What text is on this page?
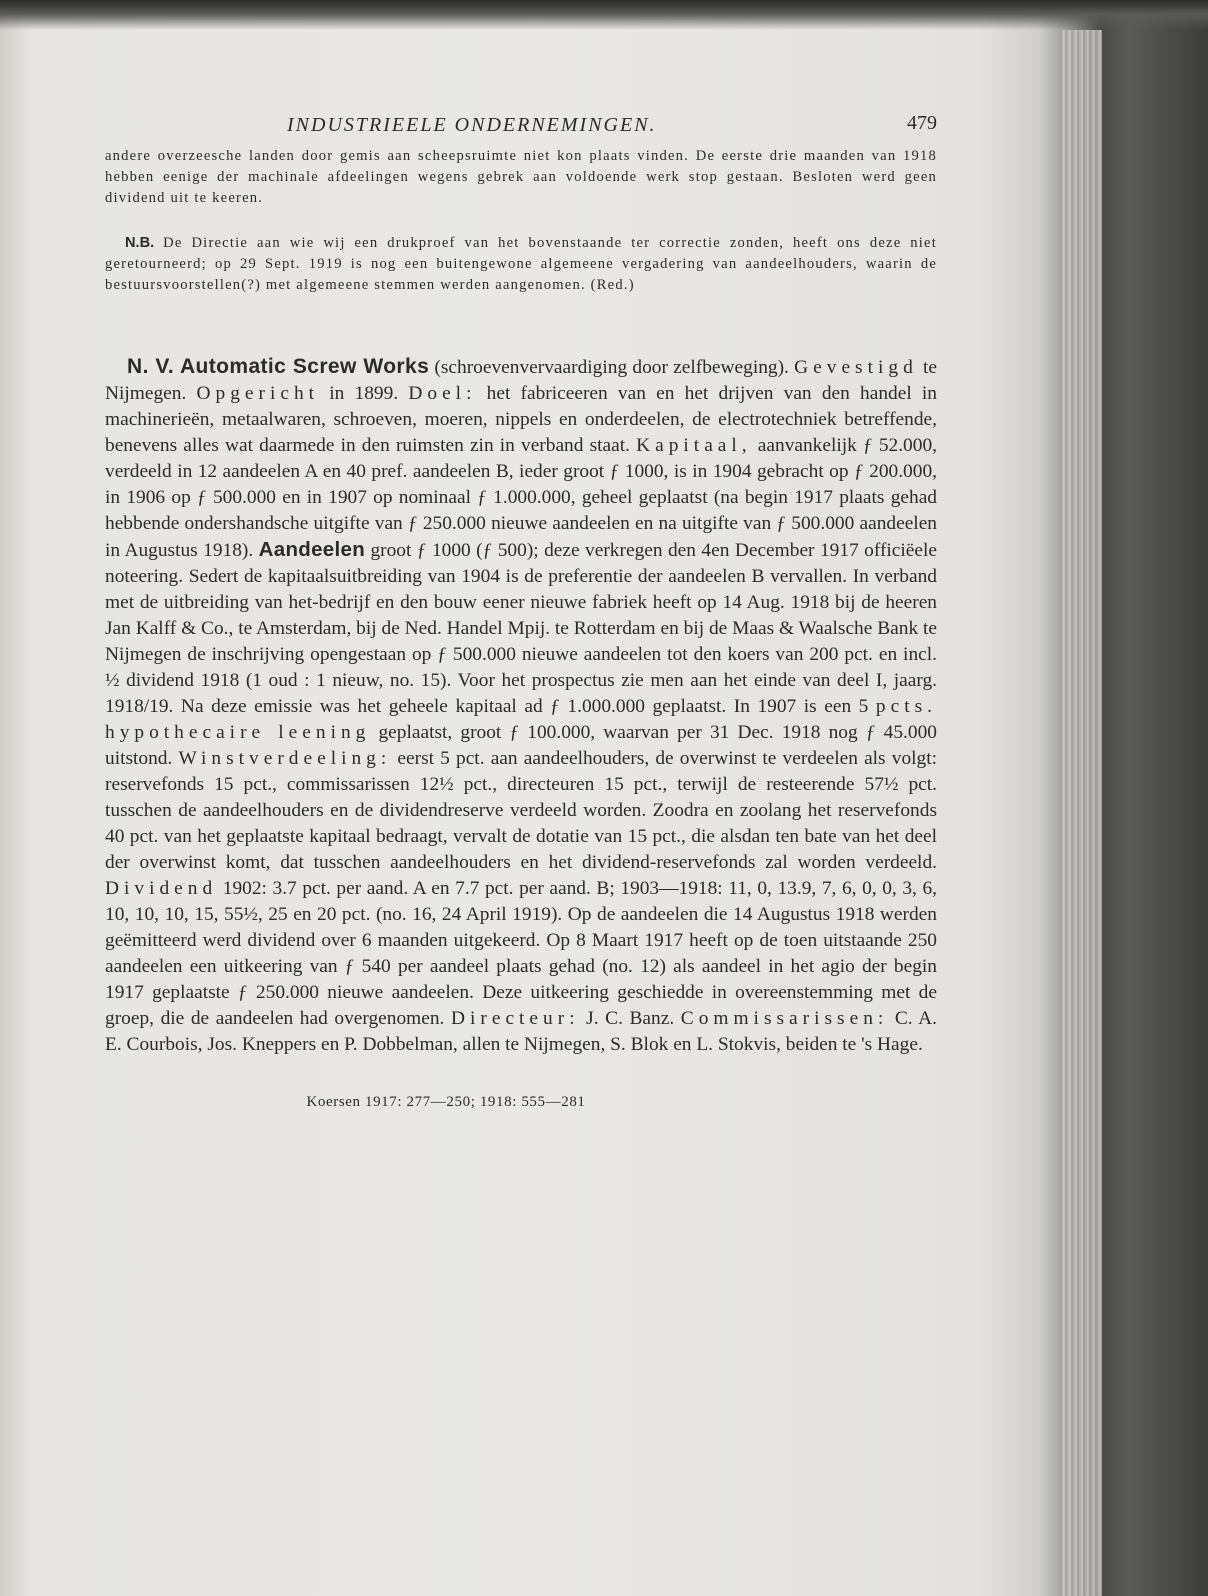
INDUSTRIEELE ONDERNEMINGEN.	479

andere overzeesche landen door gemis aan scheepsruimte niet kon plaats vinden. De eerste drie maanden van 1918 hebben eenige der machinale afdeelingen wegens gebrek aan voldoende werk stop gestaan. Besloten werd geen dividend uit te keeren.

N.B. De Directie aan wie wij een drukproef van het bovenstaande ter correctie zonden, heeft ons deze niet geretourneerd; op 29 Sept. 1919 is nog een buitengewone algemeene vergadering van aandeelhouders, waarin de bestuursvoorstellen(?) met algemeene stemmen werden aangenomen. (Red.)

N. V. Automatic Screw Works (schroevenvervaardiging door zelfbeweging). Gevestigd te Nijmegen. Opgericht in 1899. Doel: het fabriceeren van en het drijven van den handel in machinerieën, metaalwaren, schroeven, moeren, nippels en onderdeelen, de electrotechniek betreffende, benevens alles wat daarmede in den ruimsten zin in verband staat. Kapitaal, aanvankelijk ƒ 52.000, verdeeld in 12 aandeelen A en 40 pref. aandeelen B, ieder groot ƒ 1000, is in 1904 gebracht op ƒ 200.000, in 1906 op ƒ 500.000 en in 1907 op nominaal ƒ 1.000.000, geheel geplaatst (na begin 1917 plaats gehad hebbende ondershandsche uitgifte van ƒ 250.000 nieuwe aandeelen en na uitgifte van ƒ 500.000 aandeelen in Augustus 1918). Aandeelen groot ƒ 1000 (ƒ 500); deze verkregen den 4en December 1917 officiëele noteering. Sedert de kapitaalsuitbreiding van 1904 is de preferentie der aandeelen B vervallen. In verband met de uitbreiding van het-bedrijf en den bouw eener nieuwe fabriek heeft op 14 Aug. 1918 bij de heeren Jan Kalff & Co., te Amsterdam, bij de Ned. Handel Mpij. te Rotterdam en bij de Maas & Waalsche Bank te Nijmegen de inschrijving opengestaan op ƒ 500.000 nieuwe aandeelen tot den koers van 200 pct. en incl. ½ dividend 1918 (1 oud : 1 nieuw, no. 15). Voor het prospectus zie men aan het einde van deel I, jaarg. 1918/19. Na deze emissie was het geheele kapitaal ad ƒ 1.000.000 geplaatst. In 1907 is een 5 pcts. hypothecaire leening geplaatst, groot ƒ 100.000, waarvan per 31 Dec. 1918 nog ƒ 45.000 uitstond. Winstverdeeling: eerst 5 pct. aan aandeelhouders, de overwinst te verdeelen als volgt: reservefonds 15 pct., commissarissen 12½ pct., directeuren 15 pct., terwijl de resteerende 57½ pct. tusschen de aandeelhouders en de dividendreserve verdeeld worden. Zoodra en zoolang het reservefonds 40 pct. van het geplaatste kapitaal bedraagt, vervalt de dotatie van 15 pct., die alsdan ten bate van het deel der overwinst komt, dat tusschen aandeelhouders en het dividend-reservefonds zal worden verdeeld. Dividend 1902: 3.7 pct. per aand. A en 7.7 pct. per aand. B; 1903—1918: 11, 0, 13.9, 7, 6, 0, 0, 3, 6, 10, 10, 10, 15, 55½, 25 en 20 pct. (no. 16, 24 April 1919). Op de aandeelen die 14 Augustus 1918 werden geëmitteerd werd dividend over 6 maanden uitgekeerd. Op 8 Maart 1917 heeft op de toen uitstaande 250 aandeelen een uitkeering van ƒ 540 per aandeel plaats gehad (no. 12) als aandeel in het agio der begin 1917 geplaatste ƒ 250.000 nieuwe aandeelen. Deze uitkeering geschiedde in overeenstemming met de groep, die de aandeelen had overgenomen. Directeur: J. C. Banz. Commissarissen: C. A. E. Courbois, Jos. Kneppers en P. Dobbelman, allen te Nijmegen, S. Blok en L. Stokvis, beiden te 's Hage.

Koersen 1917: 277—250; 1918: 555—281
